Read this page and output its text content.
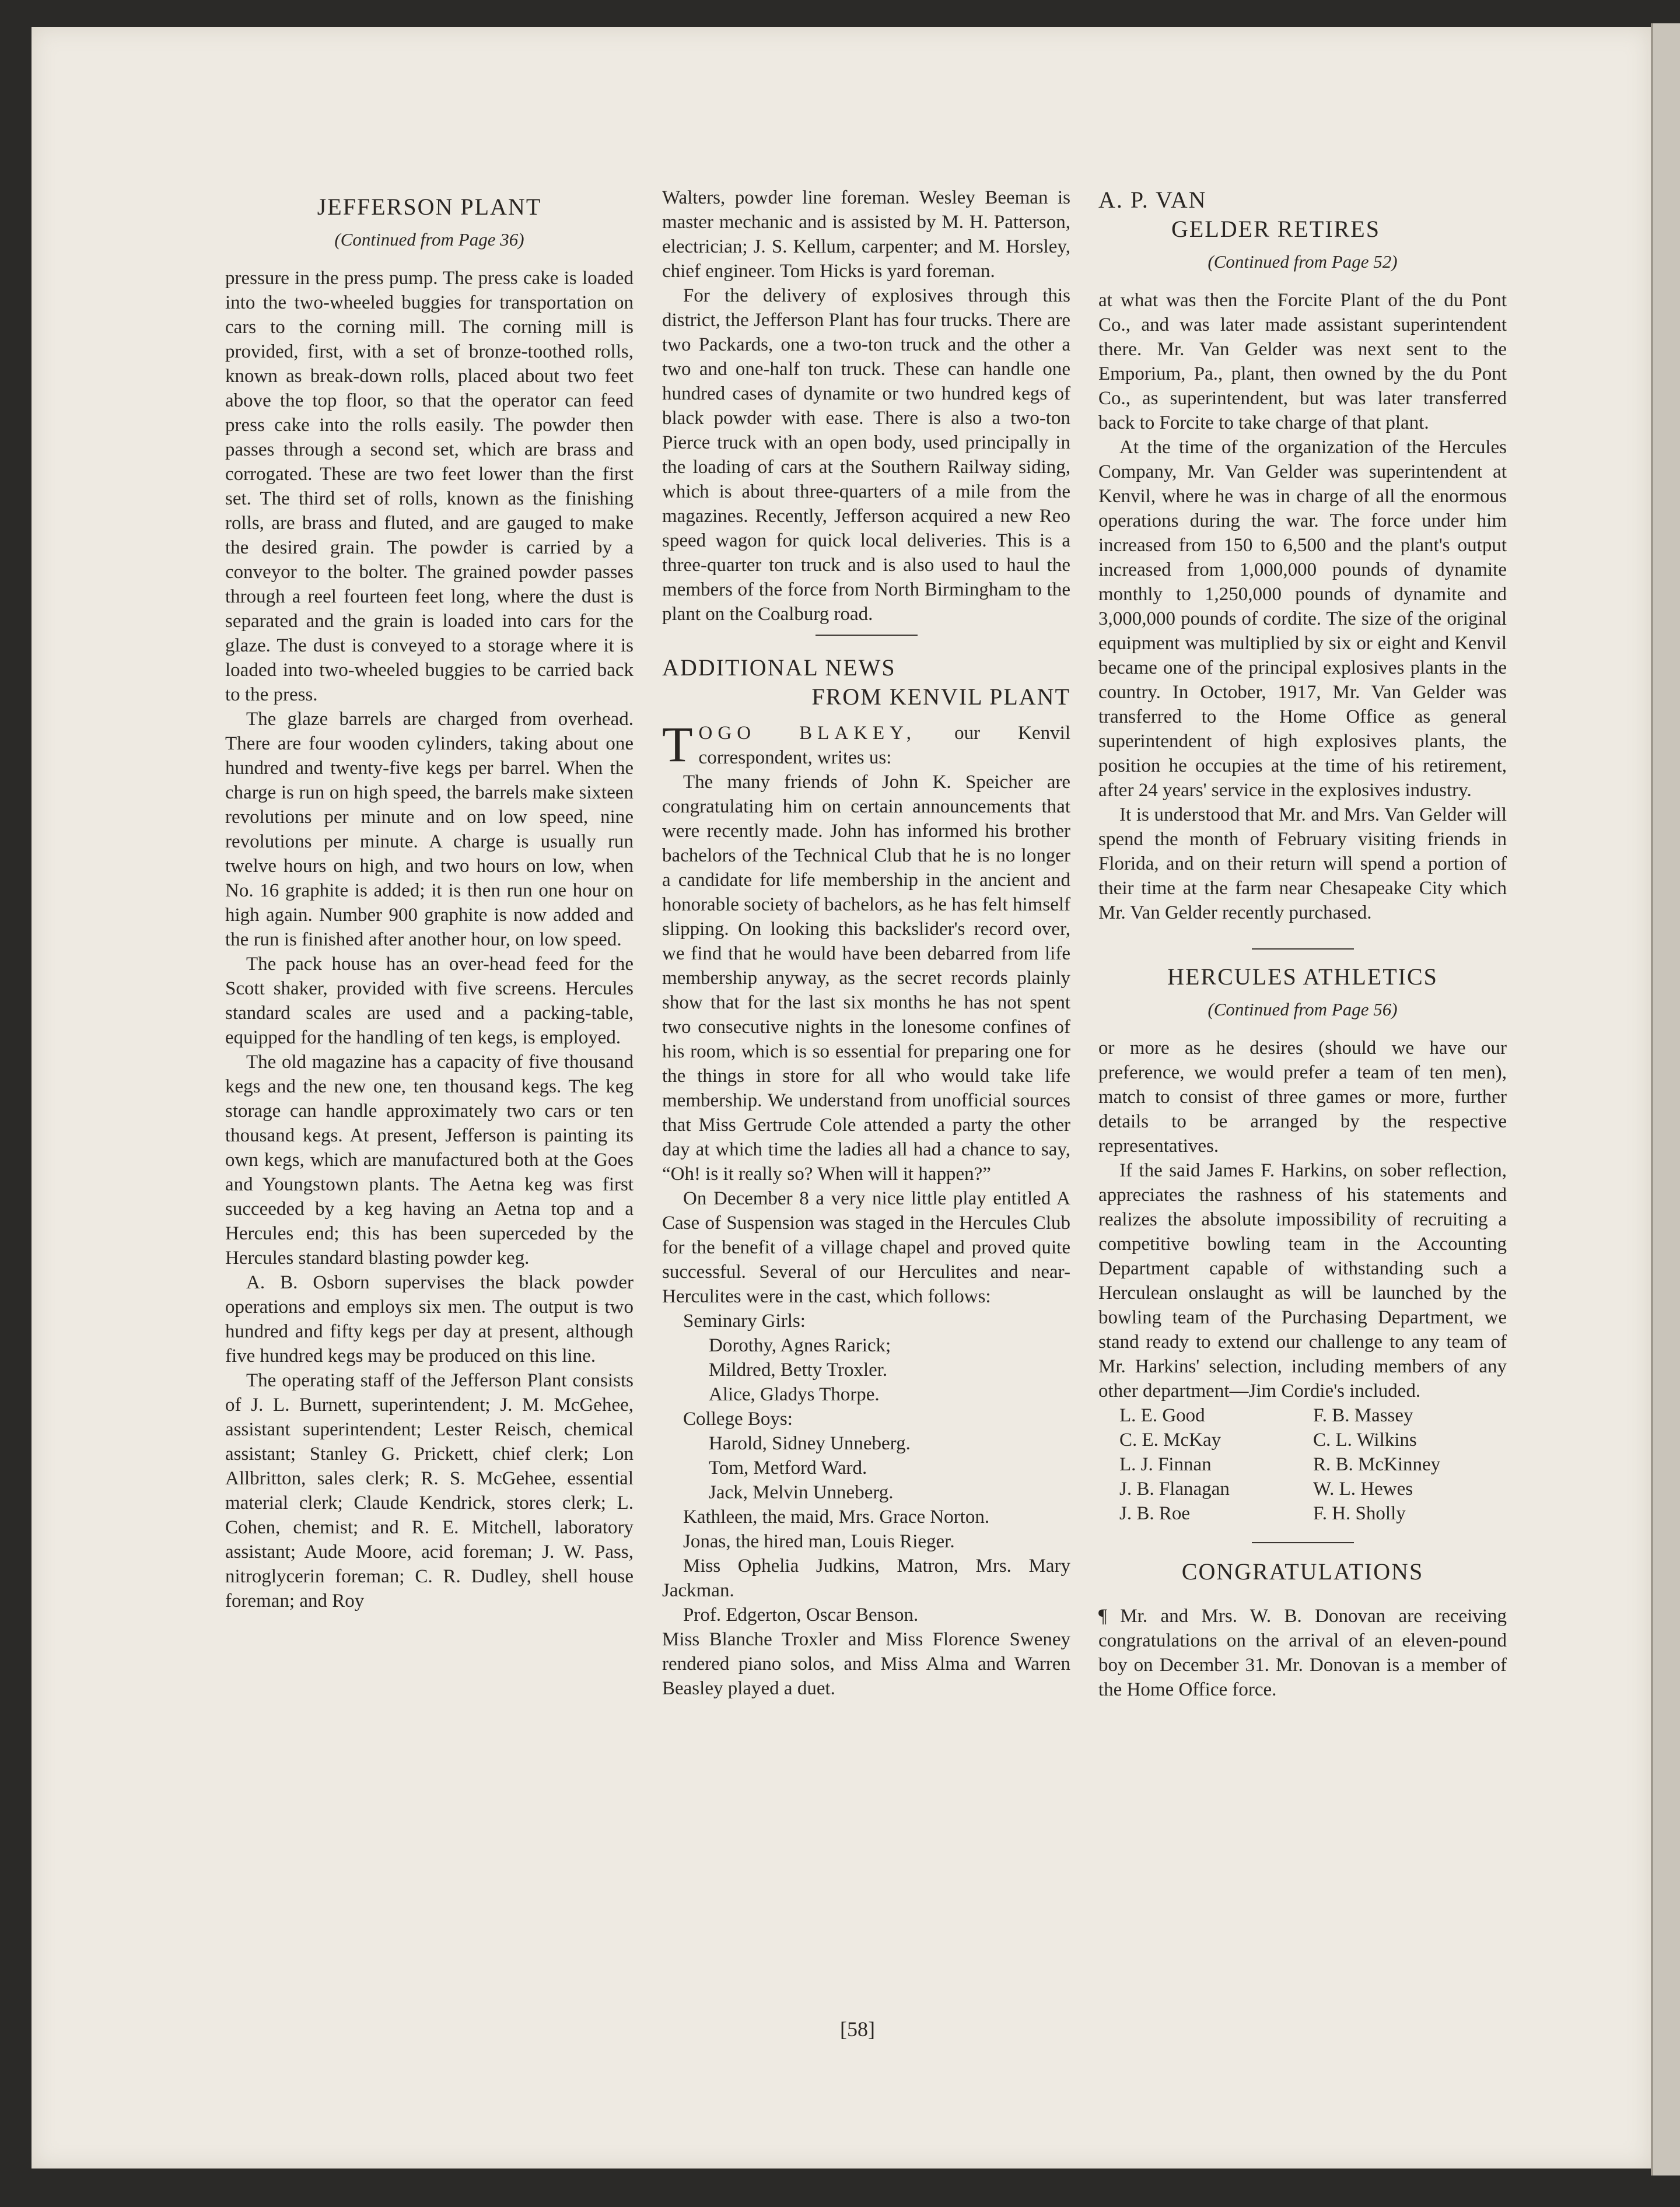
JEFFERSON PLANT
(Continued from Page 36)

pressure in the press pump. The press cake is loaded into the two-wheeled buggies for transportation on cars to the corning mill. The corning mill is provided, first, with a set of bronze-toothed rolls, known as break-down rolls, placed about two feet above the top floor, so that the operator can feed press cake into the rolls easily. The powder then passes through a second set, which are brass and corrogated. These are two feet lower than the first set. The third set of rolls, known as the finishing rolls, are brass and fluted, and are gauged to make the desired grain. The powder is carried by a conveyor to the bolter. The grained powder passes through a reel fourteen feet long, where the dust is separated and the grain is loaded into cars for the glaze. The dust is conveyed to a storage where it is loaded into two-wheeled buggies to be carried back to the press.

The glaze barrels are charged from overhead. There are four wooden cylinders, taking about one hundred and twenty-five kegs per barrel. When the charge is run on high speed, the barrels make sixteen revolutions per minute and on low speed, nine revolutions per minute. A charge is usually run twelve hours on high, and two hours on low, when No. 16 graphite is added; it is then run one hour on high again. Number 900 graphite is now added and the run is finished after another hour, on low speed.

The pack house has an over-head feed for the Scott shaker, provided with five screens. Hercules standard scales are used and a packing-table, equipped for the handling of ten kegs, is employed.

The old magazine has a capacity of five thousand kegs and the new one, ten thousand kegs. The keg storage can handle approximately two cars or ten thousand kegs. At present, Jefferson is painting its own kegs, which are manufactured both at the Goes and Youngstown plants. The Aetna keg was first succeeded by a keg having an Aetna top and a Hercules end; this has been superceded by the Hercules standard blasting powder keg.

A. B. Osborn supervises the black powder operations and employs six men. The output is two hundred and fifty kegs per day at present, although five hundred kegs may be produced on this line.

The operating staff of the Jefferson Plant consists of J. L. Burnett, superintendent; J. M. McGehee, assistant superintendent; Lester Reisch, chemical assistant; Stanley G. Prickett, chief clerk; Lon Allbritton, sales clerk; R. S. McGehee, essential material clerk; Claude Kendrick, stores clerk; L. Cohen, chemist; and R. E. Mitchell, laboratory assistant; Aude Moore, acid foreman; J. W. Pass, nitroglycerin foreman; C. R. Dudley, shell house foreman; and Roy

Walters, powder line foreman. Wesley Beeman is master mechanic and is assisted by M. H. Patterson, electrician; J. S. Kellum, carpenter; and M. Horsley, chief engineer. Tom Hicks is yard foreman.

For the delivery of explosives through this district, the Jefferson Plant has four trucks. There are two Packards, one a two-ton truck and the other a two and one-half ton truck. These can handle one hundred cases of dynamite or two hundred kegs of black powder with ease. There is also a two-ton Pierce truck with an open body, used principally in the loading of cars at the Southern Railway siding, which is about three-quarters of a mile from the magazines. Recently, Jefferson acquired a new Reo speed wagon for quick local deliveries. This is a three-quarter ton truck and is also used to haul the members of the force from North Birmingham to the plant on the Coalburg road.

ADDITIONAL NEWS
FROM KENVIL PLANT

TOGO BLAKEY, our Kenvil correspondent, writes us:

The many friends of John K. Speicher are congratulating him on certain announcements that were recently made. John has informed his brother bachelors of the Technical Club that he is no longer a candidate for life membership in the ancient and honorable society of bachelors, as he has felt himself slipping. On looking this backslider's record over, we find that he would have been debarred from life membership anyway, as the secret records plainly show that for the last six months he has not spent two consecutive nights in the lonesome confines of his room, which is so essential for preparing one for the things in store for all who would take life membership. We understand from unofficial sources that Miss Gertrude Cole attended a party the other day at which time the ladies all had a chance to say, “Oh! is it really so? When will it happen?”

On December 8 a very nice little play entitled A Case of Suspension was staged in the Hercules Club for the benefit of a village chapel and proved quite successful. Several of our Herculites and near-Herculites were in the cast, which follows:

Seminary Girls:

Dorothy, Agnes Rarick;

Mildred, Betty Troxler.

Alice, Gladys Thorpe.

College Boys:

Harold, Sidney Unneberg.

Tom, Metford Ward.

Jack, Melvin Unneberg.

Kathleen, the maid, Mrs. Grace Norton.

Jonas, the hired man, Louis Rieger.

Miss Ophelia Judkins, Matron, Mrs. Mary Jackman.

Prof. Edgerton, Oscar Benson.

Miss Blanche Troxler and Miss Florence Sweney rendered piano solos, and Miss Alma and Warren Beasley played a duet.

A. P. VAN
GELDER RETIRES
(Continued from Page 52)

at what was then the Forcite Plant of the du Pont Co., and was later made assistant superintendent there. Mr. Van Gelder was next sent to the Emporium, Pa., plant, then owned by the du Pont Co., as superintendent, but was later transferred back to Forcite to take charge of that plant.

At the time of the organization of the Hercules Company, Mr. Van Gelder was superintendent at Kenvil, where he was in charge of all the enormous operations during the war. The force under him increased from 150 to 6,500 and the plant's output increased from 1,000,000 pounds of dynamite monthly to 1,250,000 pounds of dynamite and 3,000,000 pounds of cordite. The size of the original equipment was multiplied by six or eight and Kenvil became one of the principal explosives plants in the country. In October, 1917, Mr. Van Gelder was transferred to the Home Office as general superintendent of high explosives plants, the position he occupies at the time of his retirement, after 24 years' service in the explosives industry.

It is understood that Mr. and Mrs. Van Gelder will spend the month of February visiting friends in Florida, and on their return will spend a portion of their time at the farm near Chesapeake City which Mr. Van Gelder recently purchased.

HERCULES ATHLETICS
(Continued from Page 56)

or more as he desires (should we have our preference, we would prefer a team of ten men), match to consist of three games or more, further details to be arranged by the respective representatives.

If the said James F. Harkins, on sober reflection, appreciates the rashness of his statements and realizes the absolute impossibility of recruiting a competitive bowling team in the Accounting Department capable of withstanding such a Herculean onslaught as will be launched by the bowling team of the Purchasing Department, we stand ready to extend our challenge to any team of Mr. Harkins' selection, including members of any other department—Jim Cordie's included.

L. E. Good	F. B. Massey
C. E. McKay	C. L. Wilkins
L. J. Finnan	R. B. McKinney
J. B. Flanagan	W. L. Hewes
J. B. Roe	F. H. Sholly
CONGRATULATIONS

¶ Mr. and Mrs. W. B. Donovan are receiving congratulations on the arrival of an eleven-pound boy on December 31. Mr. Donovan is a member of the Home Office force.

[58]
